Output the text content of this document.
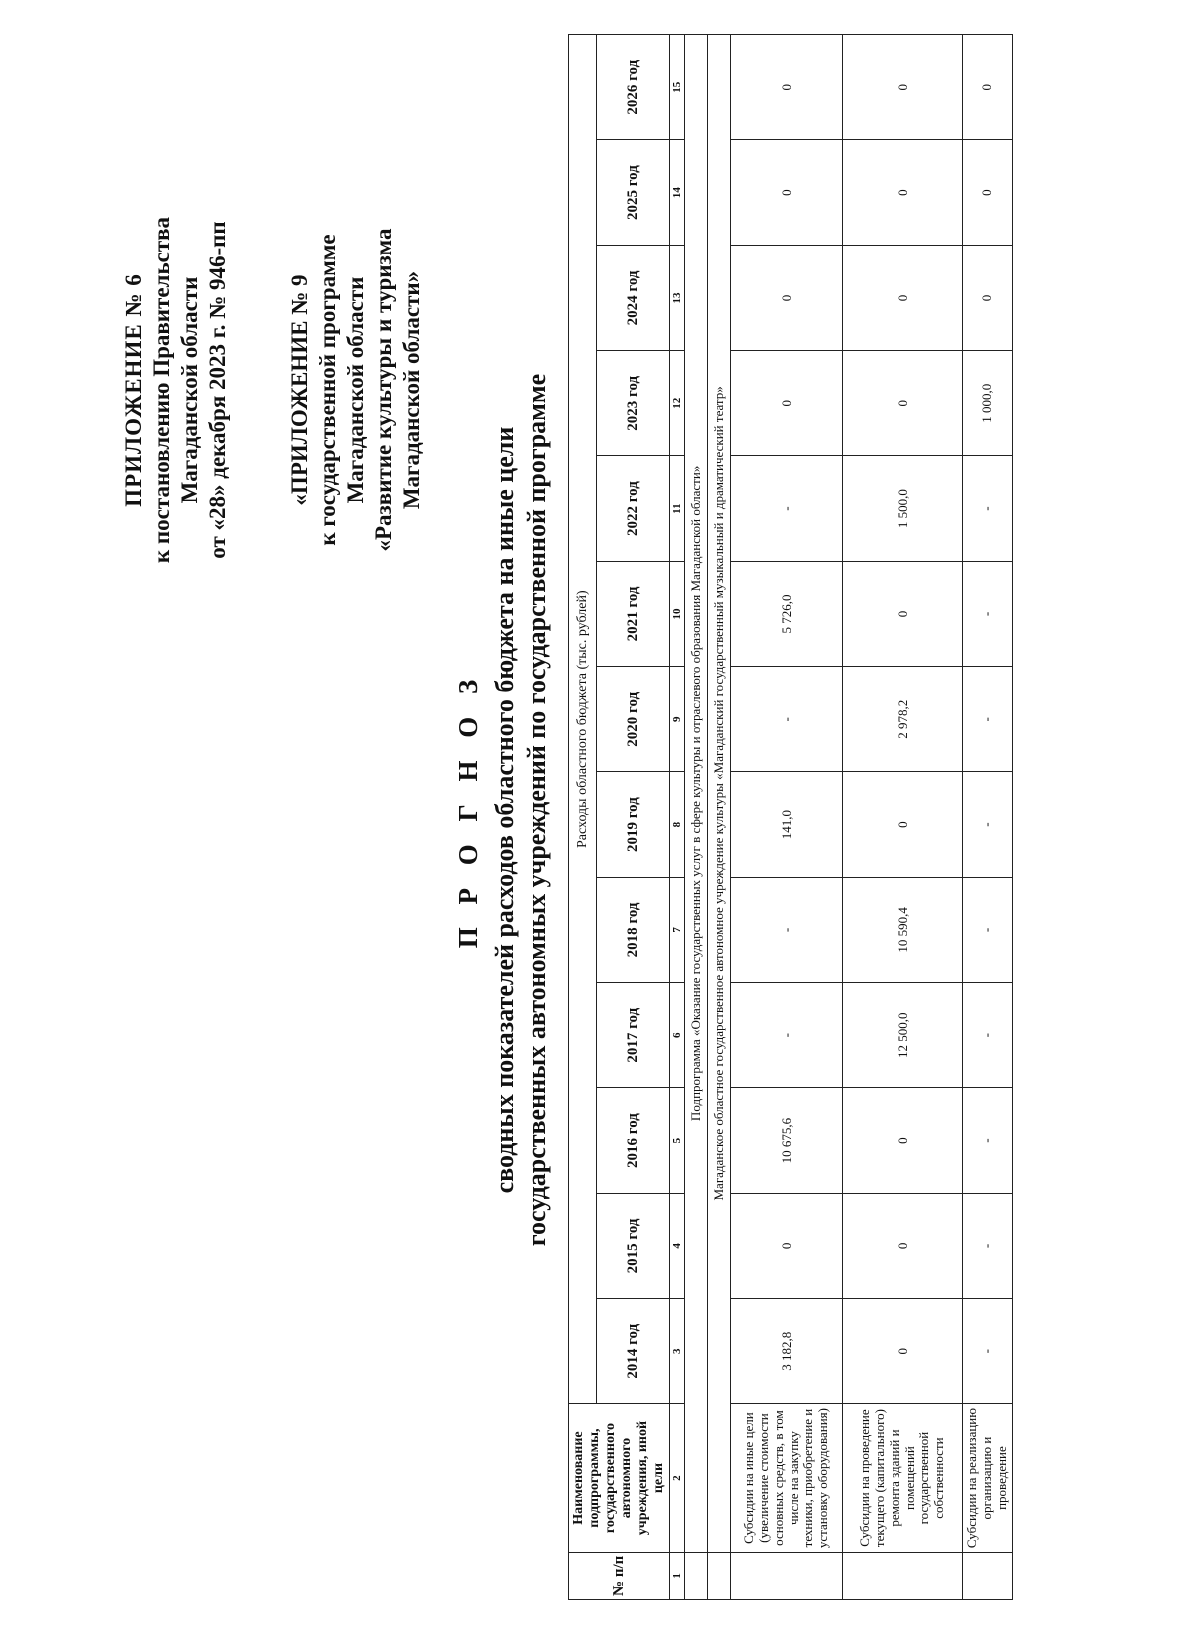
ПРИЛОЖЕНИЕ № 6 к постановлению Правительства Магаданской области от «28» декабря 2023 г. № 946-пп «ПРИЛОЖЕНИЕ № 9 к государственной программе Магаданской области «Развитие культуры и туризма Магаданской области»
П Р О Г Н О З сводных показателей расходов областного бюджета на иные цели государственных автономных учреждений по государственной программе
№ п/п	Наименование подпрограммы, государственного автономного учреждения, иной цели	Расходы областного бюджета (тыс. рублей)												
		2014 год	2015 год	2016 год	2017 год	2018 год	2019 год	2020 год	2021 год	2022 год	2023 год	2024 год	2025 год	2026 год
1	2	3	4	5	6	7	8	9	10	11	12	13	14	15
	Подпрограмма «Оказание государственных услуг в сфере культуры и отраслевого образования Магаданской области»													
	Магаданское областное государственное автономное учреждение культуры «Магаданский государственный музыкальный и драматический театр»													
	Субсидии на иные цели (увеличение стоимости основных средств, в том числе на закупку техники, приобретение и установку оборудования)	3 182,8	0	10 675,6	-	-	141,0	-	5 726,0	-	0	0	0	0
	Субсидии на проведение текущего (капитального) ремонта зданий и помещений государственной собственности	0	0	0	12 500,0	10 590,4	0	2 978,2	0	1 500,0	0	0	0	0
	Субсидии на реализацию организацию и проведение	-	-	-	-	-	-	-	-	-	1 000,0	0	0	0
